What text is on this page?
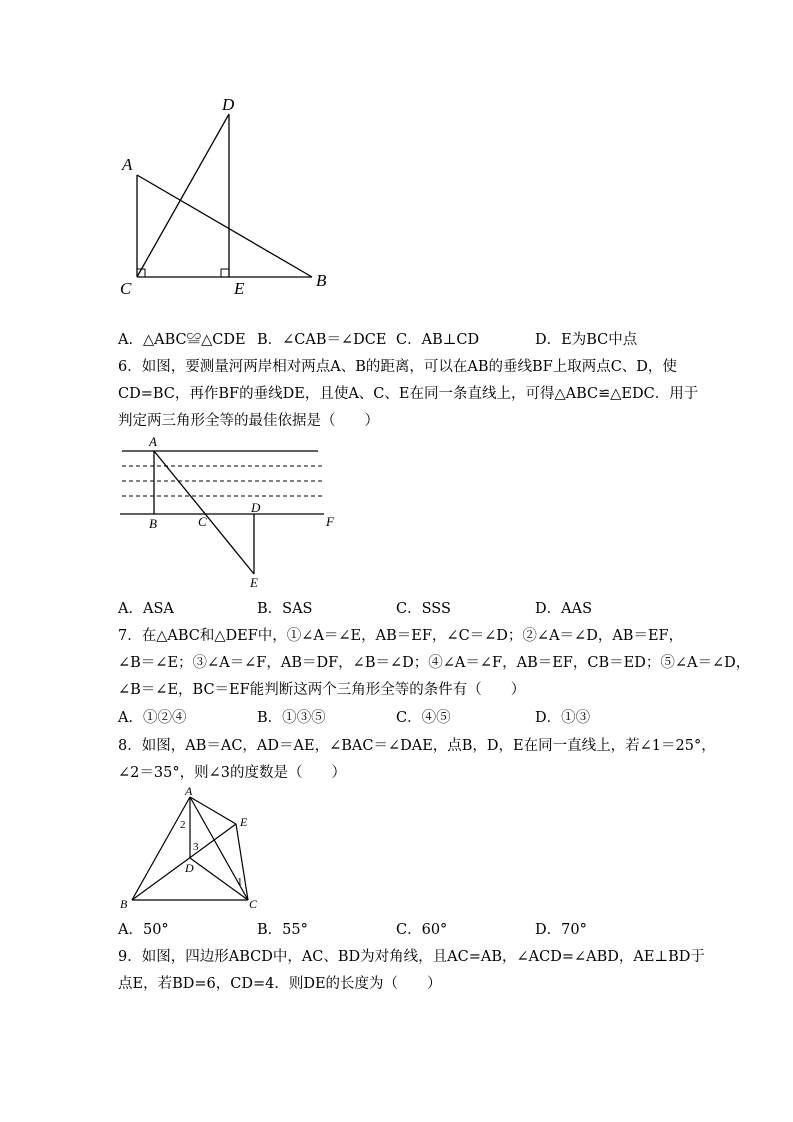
D
A
C	E	B
A．△ABC≌△CDE B．∠CAB＝∠DCE C．AB⊥CD	D．E为BC中点
6．如图，要测量河两岸相对两点A、B的距离，可以在AB的垂线BF上取两点C、D，使
CD=BC，再作BF的垂线DE，且使A、C、E在同一条直线上，可得△ABC≌△EDC．用于
判定两三角形全等的最佳依据是（　　）
A
B	C
D
F
E
A．ASA	B．SAS	C．SSS	D．AAS
7．在△ABC和△DEF中，①∠A＝∠E，AB＝EF，∠C＝∠D；②∠A＝∠D，AB＝EF，
∠B＝∠E；③∠A＝∠F，AB＝DF，∠B＝∠D；④∠A＝∠F，AB＝EF，CB＝ED；⑤∠A＝∠D，
∠B＝∠E，BC＝EF能判断这两个三角形全等的条件有（　　）
A．①②④	B．①③⑤	C．④⑤	D．①③
8．如图，AB＝AC，AD＝AE，∠BAC＝∠DAE，点B，D，E在同一直线上，若∠1＝25°，
∠2＝35°，则∠3的度数是（　　）
A
E
B	C
D
1
2
3
A．50°	B．55°	C．60°	D．70°
9．如图，四边形ABCD中，AC、BD为对角线，且AC=AB，∠ACD=∠ABD，AE⊥BD于
点E，若BD=6，CD=4．则DE的长度为（　　）
